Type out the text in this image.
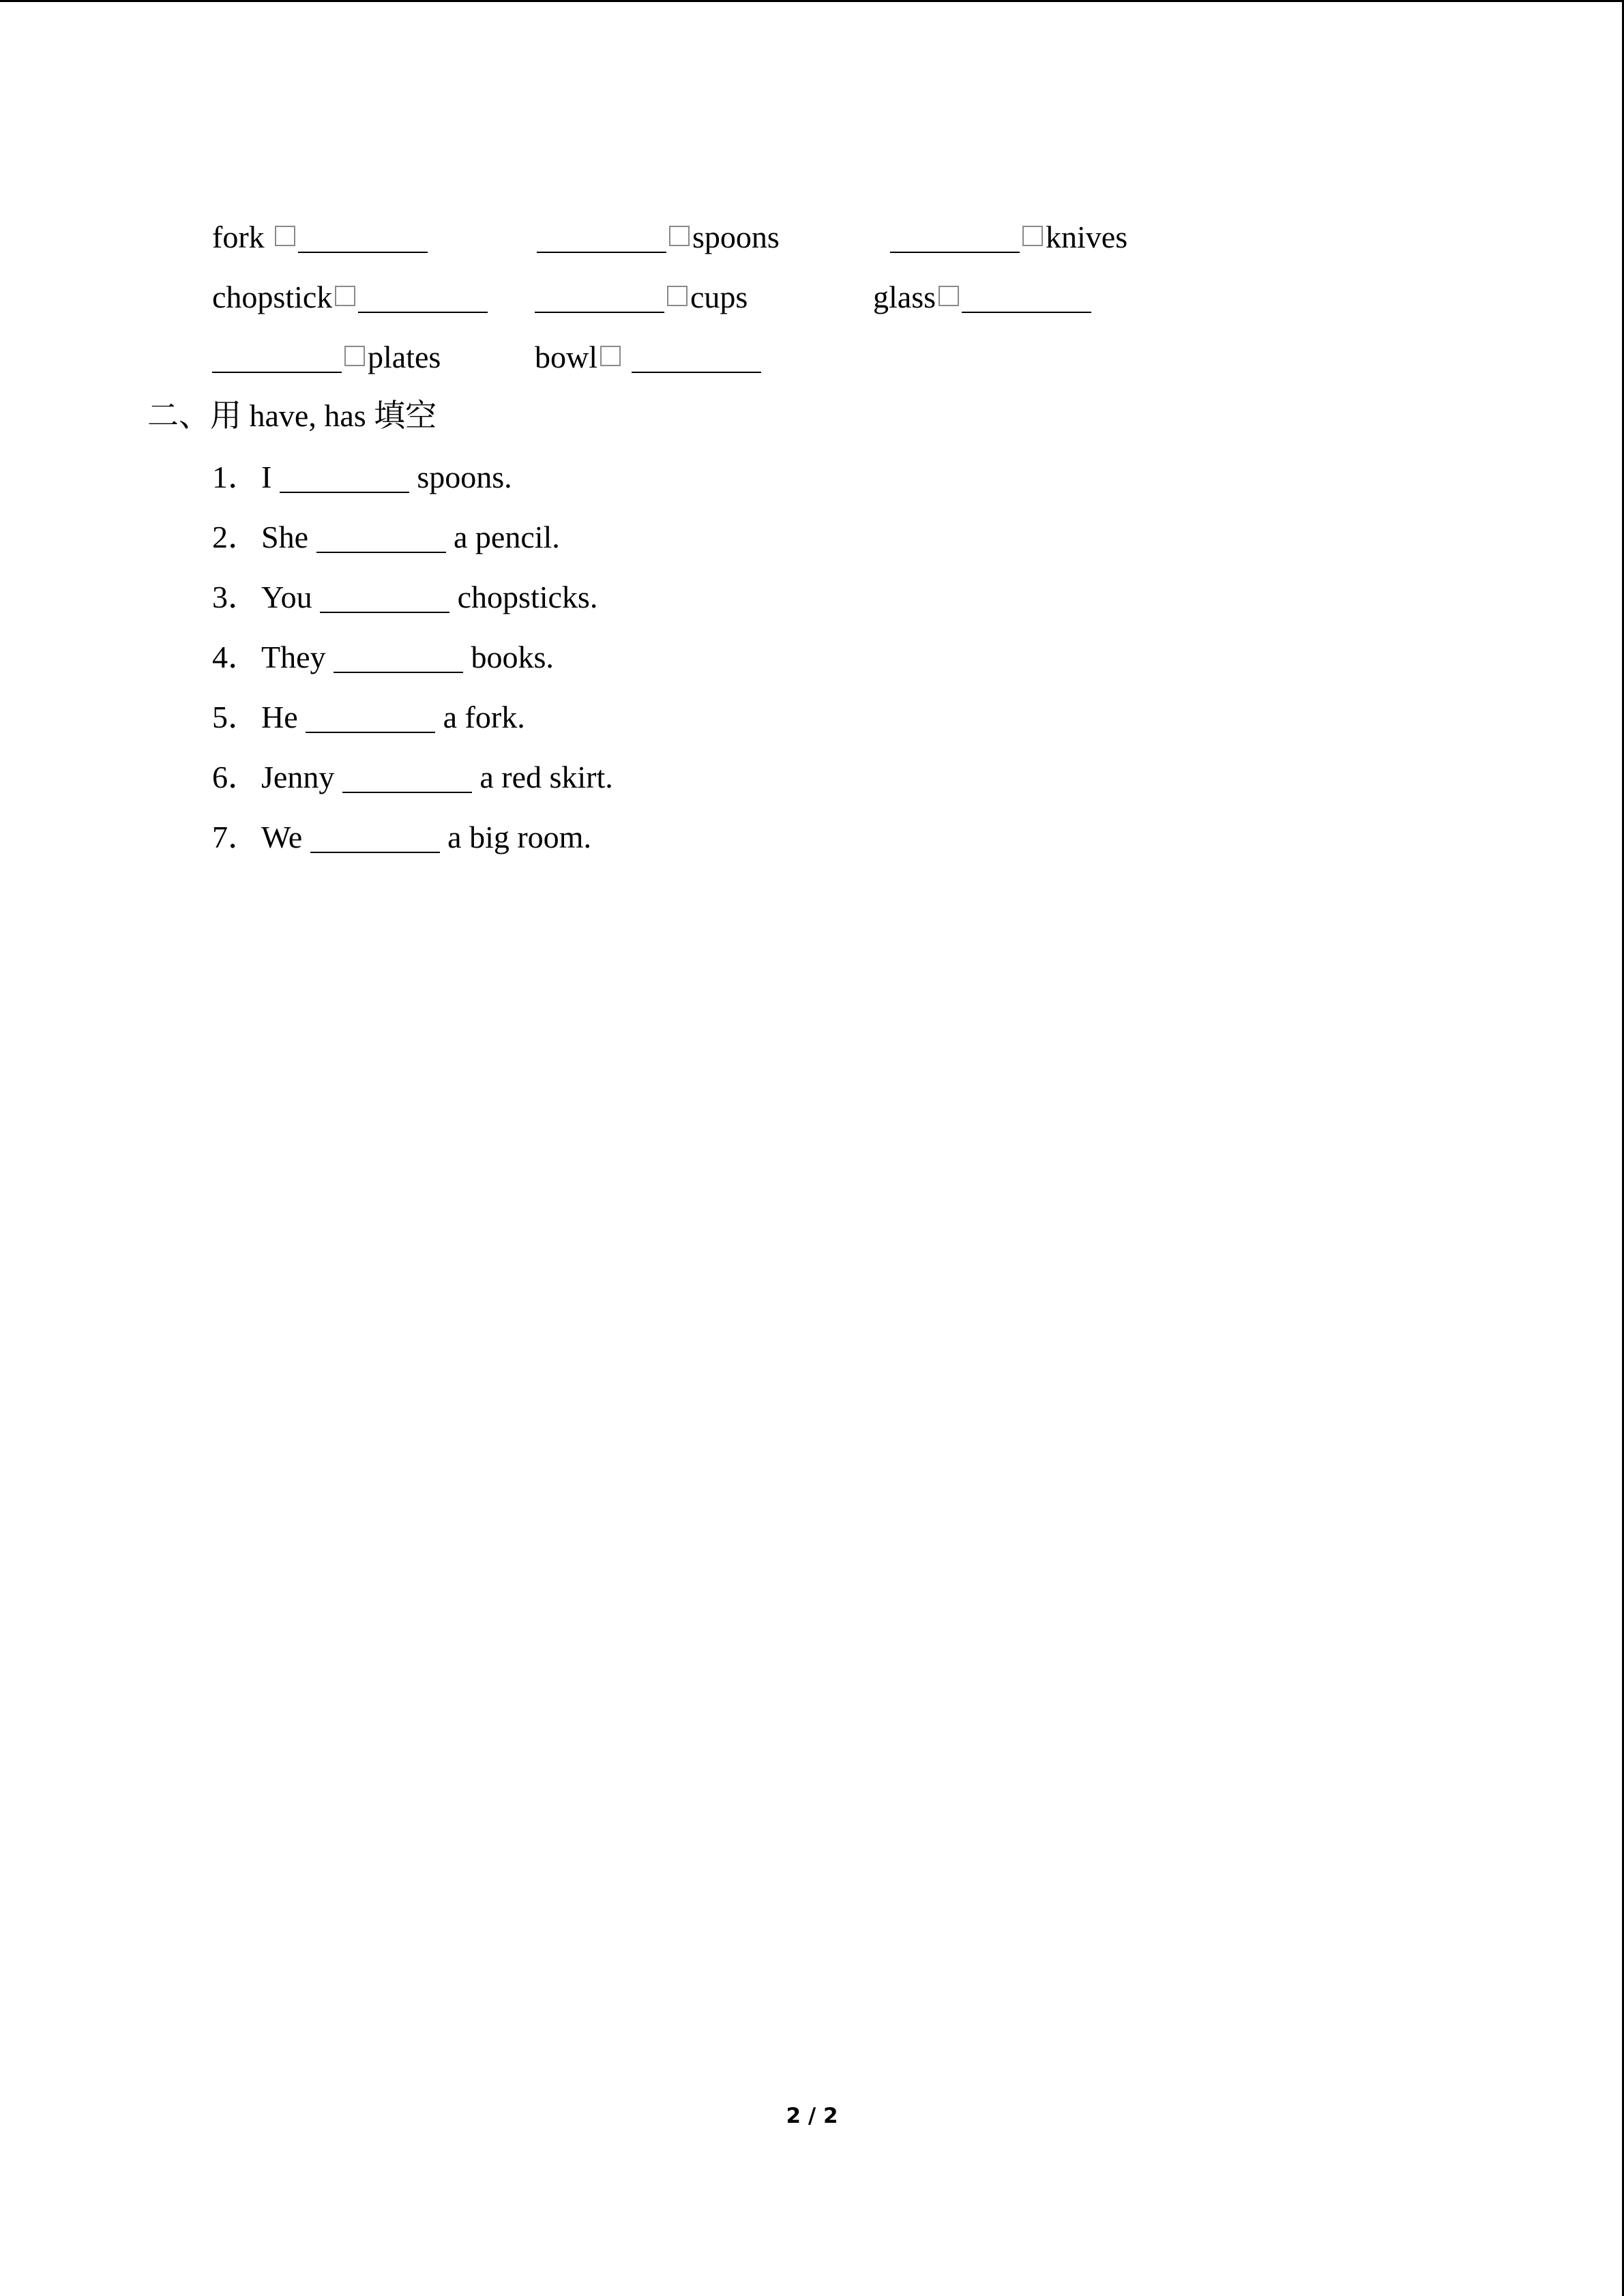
fork	spoons	knives
chopstick	cups	glass
plates	bowl
二、用 have, has 填空
1．I	spoons.
2．She	a pencil.
3．You	chopsticks.
4．They	books.
5．He	a fork.
6．Jenny	a red skirt.
7．We	a big room.
2 / 2
